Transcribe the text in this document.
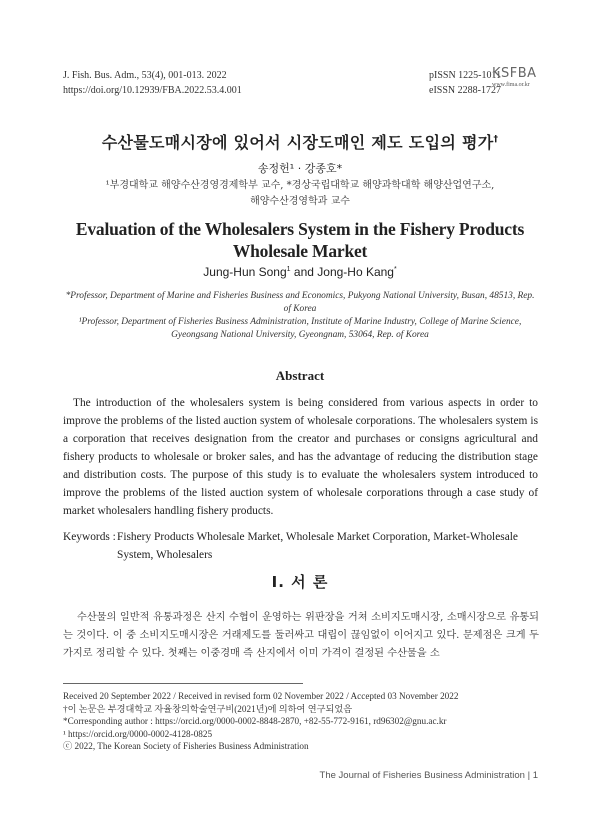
J. Fish. Bus. Adm., 53(4), 001-013. 2022
https://doi.org/10.12939/FBA.2022.53.4.001
pISSN 1225-1011
eISSN 2288-1727
KSFBA
www.fima.or.kr
수산물도매시장에 있어서 시장도매인 제도 도입의 평가†
송정헌¹ · 강종호*
¹부경대학교 해양수산경영경제학부 교수, *경상국립대학교 해양과학대학 해양산업연구소,
해양수산경영학과 교수
Evaluation of the Wholesalers System in the Fishery Products Wholesale Market
Jung-Hun Song$^1$ and Jong-Ho Kang*
*Professor, Department of Marine and Fisheries Business and Economics, Pukyong National University, Busan, 48513, Rep. of Korea
¹Professor, Department of Fisheries Business Administration, Institute of Marine Industry, College of Marine Science, Gyeongsang National University, Gyeongnam, 53064, Rep. of Korea
Abstract
The introduction of the wholesalers system is being considered from various aspects in order to improve the problems of the listed auction system of wholesale corporations. The wholesalers system is a corporation that receives designation from the creator and purchases or consigns agricultural and fishery products to wholesale or broker sales, and has the advantage of reducing the distribution stage and distribution costs. The purpose of this study is to evaluate the wholesalers system introduced to improve the problems of the listed auction system of wholesale corporations through a case study of market wholesalers handling fishery products.
Keywords : Fishery Products Wholesale Market, Wholesale Market Corporation, Market-Wholesale System, Wholesalers
I. 서 론
수산물의 일반적 유통과정은 산지 수협이 운영하는 위판장을 거쳐 소비지도매시장, 소매시장으로 유통되는 것이다. 이 중 소비지도매시장은 거래제도를 둘러싸고 대립이 끊임없이 이어지고 있다. 문제점은 크게 두 가지로 정리할 수 있다. 첫째는 이중경매 즉 산지에서 이미 가격이 결정된 수산물을 소
Received 20 September 2022 / Received in revised form 02 November 2022 / Accepted 03 November 2022
†이 논문은 부경대학교 자율창의학술연구비(2021년)에 의하여 연구되었음
*Corresponding author : https://orcid.org/0000-0002-8848-2870, +82-55-772-9161, rd96302@gnu.ac.kr
¹ https://orcid.org/0000-0002-4128-0825
ⓒ 2022, The Korean Society of Fisheries Business Administration
The Journal of Fisheries Business Administration | 1
